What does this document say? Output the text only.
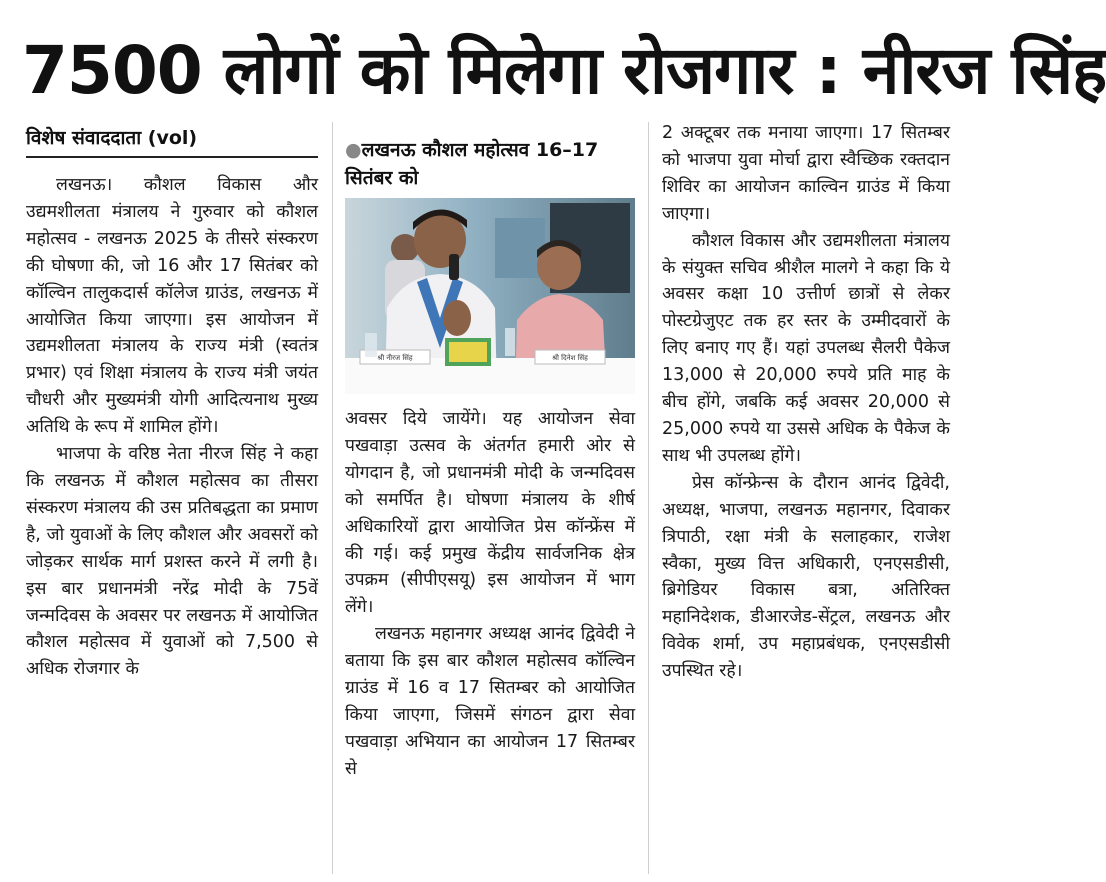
7500 लोगों को मिलेगा रोजगार : नीरज सिंह
विशेष संवाददाता (vol)

लखनऊ। कौशल विकास और उद्यमशीलता मंत्रालय ने गुरुवार को कौशल महोत्सव - लखनऊ 2025 के तीसरे संस्करण की घोषणा की, जो 16 और 17 सितंबर को कॉल्विन तालुकदार्स कॉलेज ग्राउंड, लखनऊ में आयोजित किया जाएगा। इस आयोजन में उद्यमशीलता मंत्रालय के राज्य मंत्री (स्वतंत्र प्रभार) एवं शिक्षा मंत्रालय के राज्य मंत्री जयंत चौधरी और मुख्यमंत्री योगी आदित्यनाथ मुख्य अतिथि के रूप में शामिल होंगे।

भाजपा के वरिष्ठ नेता नीरज सिंह ने कहा कि लखनऊ में कौशल महोत्सव का तीसरा संस्करण मंत्रालय की उस प्रतिबद्धता का प्रमाण है, जो युवाओं के लिए कौशल और अवसरों को जोड़कर सार्थक मार्ग प्रशस्त करने में लगी है। इस बार प्रधानमंत्री नरेंद्र मोदी के 75वें जन्मदिवस के अवसर पर लखनऊ में आयोजित कौशल महोत्सव में युवाओं को 7,500 से अधिक रोजगार के

●लखनऊ कौशल महोत्सव 16–17 सितंबर को
श्री नीरज सिंह	श्री दिनेश सिंह

अवसर दिये जायेंगे। यह आयोजन सेवा पखवाड़ा उत्सव के अंतर्गत हमारी ओर से योगदान है, जो प्रधानमंत्री मोदी के जन्मदिवस को समर्पित है। घोषणा मंत्रालय के शीर्ष अधिकारियों द्वारा आयोजित प्रेस कॉन्फ्रेंस में की गई। कई प्रमुख केंद्रीय सार्वजनिक क्षेत्र उपक्रम (सीपीएसयू) इस आयोजन में भाग लेंगे।

लखनऊ महानगर अध्यक्ष आनंद द्विवेदी ने बताया कि इस बार कौशल महोत्सव कॉल्विन ग्राउंड में 16 व 17 सितम्बर को आयोजित किया जाएगा, जिसमें संगठन द्वारा सेवा पखवाड़ा अभियान का आयोजन 17 सितम्बर से

2 अक्टूबर तक मनाया जाएगा। 17 सितम्बर को भाजपा युवा मोर्चा द्वारा स्वैच्छिक रक्तदान शिविर का आयोजन काल्विन ग्राउंड में किया जाएगा।

कौशल विकास और उद्यमशीलता मंत्रालय के संयुक्त सचिव श्रीशैल मालगे ने कहा कि ये अवसर कक्षा 10 उत्तीर्ण छात्रों से लेकर पोस्टग्रेजुएट तक हर स्तर के उम्मीदवारों के लिए बनाए गए हैं। यहां उपलब्ध सैलरी पैकेज 13,000 से 20,000 रुपये प्रति माह के बीच होंगे, जबकि कई अवसर 20,000 से 25,000 रुपये या उससे अधिक के पैकेज के साथ भी उपलब्ध होंगे।

प्रेस कॉन्फ्रेन्स के दौरान आनंद द्विवेदी, अध्यक्ष, भाजपा, लखनऊ महानगर, दिवाकर त्रिपाठी, रक्षा मंत्री के सलाहकार, राजेश स्वैका, मुख्य वित्त अधिकारी, एनएसडीसी, ब्रिगेडियर विकास बत्रा, अतिरिक्त महानिदेशक, डीआरजेड-सेंट्रल, लखनऊ और विवेक शर्मा, उप महाप्रबंधक, एनएसडीसी उपस्थित रहे।
